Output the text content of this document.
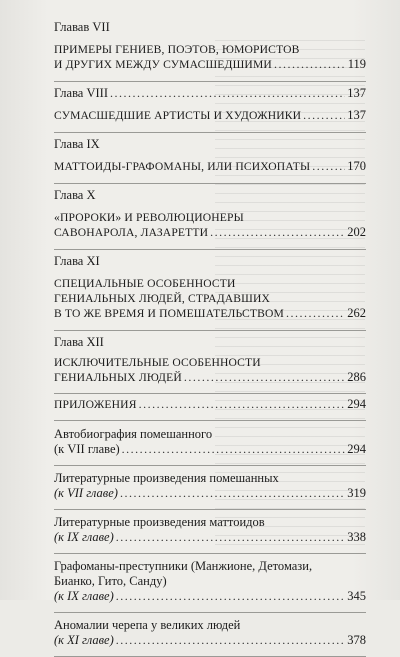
Главав VII
ПРИМЕРЫ ГЕНИЕВ, ПОЭТОВ, ЮМОРИСТОВ
И ДРУГИХ МЕЖДУ СУМАСШЕДШИМИ .....	119
Глава VIII .....	137
СУМАСШЕДШИЕ АРТИСТЫ И ХУДОЖНИКИ .....	137
Глава IX
МАТТОИДЫ-ГРАФОМАНЫ, ИЛИ ПСИХОПАТЫ .....	170
Глава X
«ПРОРОКИ» И РЕВОЛЮЦИОНЕРЫ
САВОНАРОЛА, ЛАЗАРЕТТИ .....	202
Глава XI
СПЕЦИАЛЬНЫЕ ОСОБЕННОСТИ
ГЕНИАЛЬНЫХ ЛЮДЕЙ, СТРАДАВШИХ
В ТО ЖЕ ВРЕМЯ И ПОМЕШАТЕЛЬСТВОМ .....	262
Глава XII
ИСКЛЮЧИТЕЛЬНЫЕ ОСОБЕННОСТИ
ГЕНИАЛЬНЫХ ЛЮДЕЙ .....	286
ПРИЛОЖЕНИЯ .....	294
Автобиография помешанного
(к VII главе) .....	294
Литературные произведения помешанных
(к VII главе) .....	319
Литературные произведения маттоидов
(к IX главе) .....	338
Графоманы-преступники (Манжионе, Детомази,
Бианко, Гито, Санду)
(к IX главе) .....	345
Аномалии черепа у великих людей
(к XI главе) .....	378
